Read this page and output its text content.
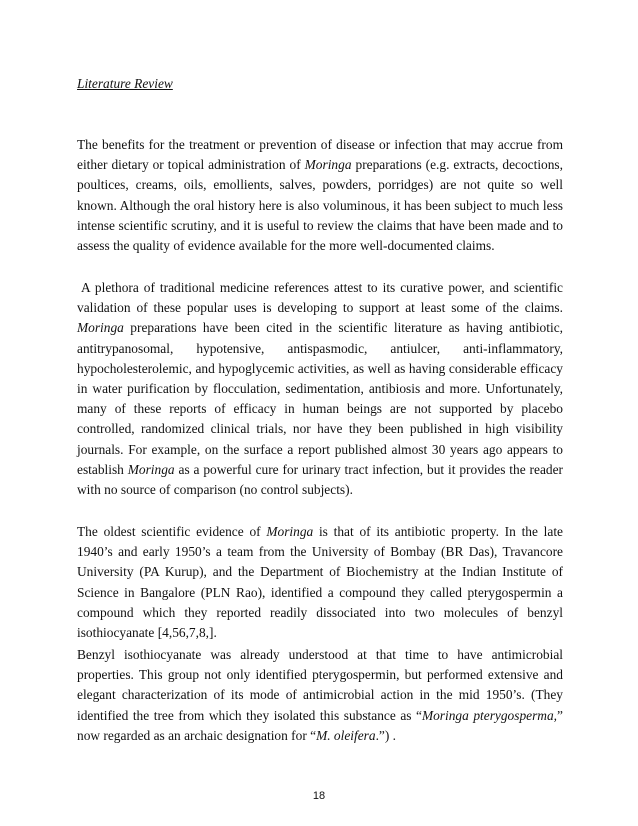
Literature Review

The benefits for the treatment or prevention of disease or infection that may accrue from either dietary or topical administration of Moringa preparations (e.g. extracts, decoctions, poultices, creams, oils, emollients, salves, powders, porridges) are not quite so well known. Although the oral history here is also voluminous, it has been subject to much less intense scientific scrutiny, and it is useful to review the claims that have been made and to assess the quality of evidence available for the more well-documented claims.

A plethora of traditional medicine references attest to its curative power, and scientific validation of these popular uses is developing to support at least some of the claims. Moringa preparations have been cited in the scientific literature as having antibiotic, antitrypanosomal, hypotensive, antispasmodic, antiulcer, anti-inflammatory, hypocholesterolemic, and hypoglycemic activities, as well as having considerable efficacy in water purification by flocculation, sedimentation, antibiosis and more. Unfortunately, many of these reports of efficacy in human beings are not supported by placebo controlled, randomized clinical trials, nor have they been published in high visibility journals. For example, on the surface a report published almost 30 years ago appears to establish Moringa as a powerful cure for urinary tract infection, but it provides the reader with no source of comparison (no control subjects).

The oldest scientific evidence of Moringa is that of its antibiotic property. In the late 1940’s and early 1950’s a team from the University of Bombay (BR Das), Travancore University (PA Kurup), and the Department of Biochemistry at the Indian Institute of Science in Bangalore (PLN Rao), identified a compound they called pterygospermin a compound which they reported readily dissociated into two molecules of benzyl isothiocyanate [4,56,7,8,].

Benzyl isothiocyanate was already understood at that time to have antimicrobial properties. This group not only identified pterygospermin, but performed extensive and elegant characterization of its mode of antimicrobial action in the mid 1950’s. (They identified the tree from which they isolated this substance as “Moringa pterygosperma,” now regarded as an archaic designation for “M. oleifera.”) .

18
